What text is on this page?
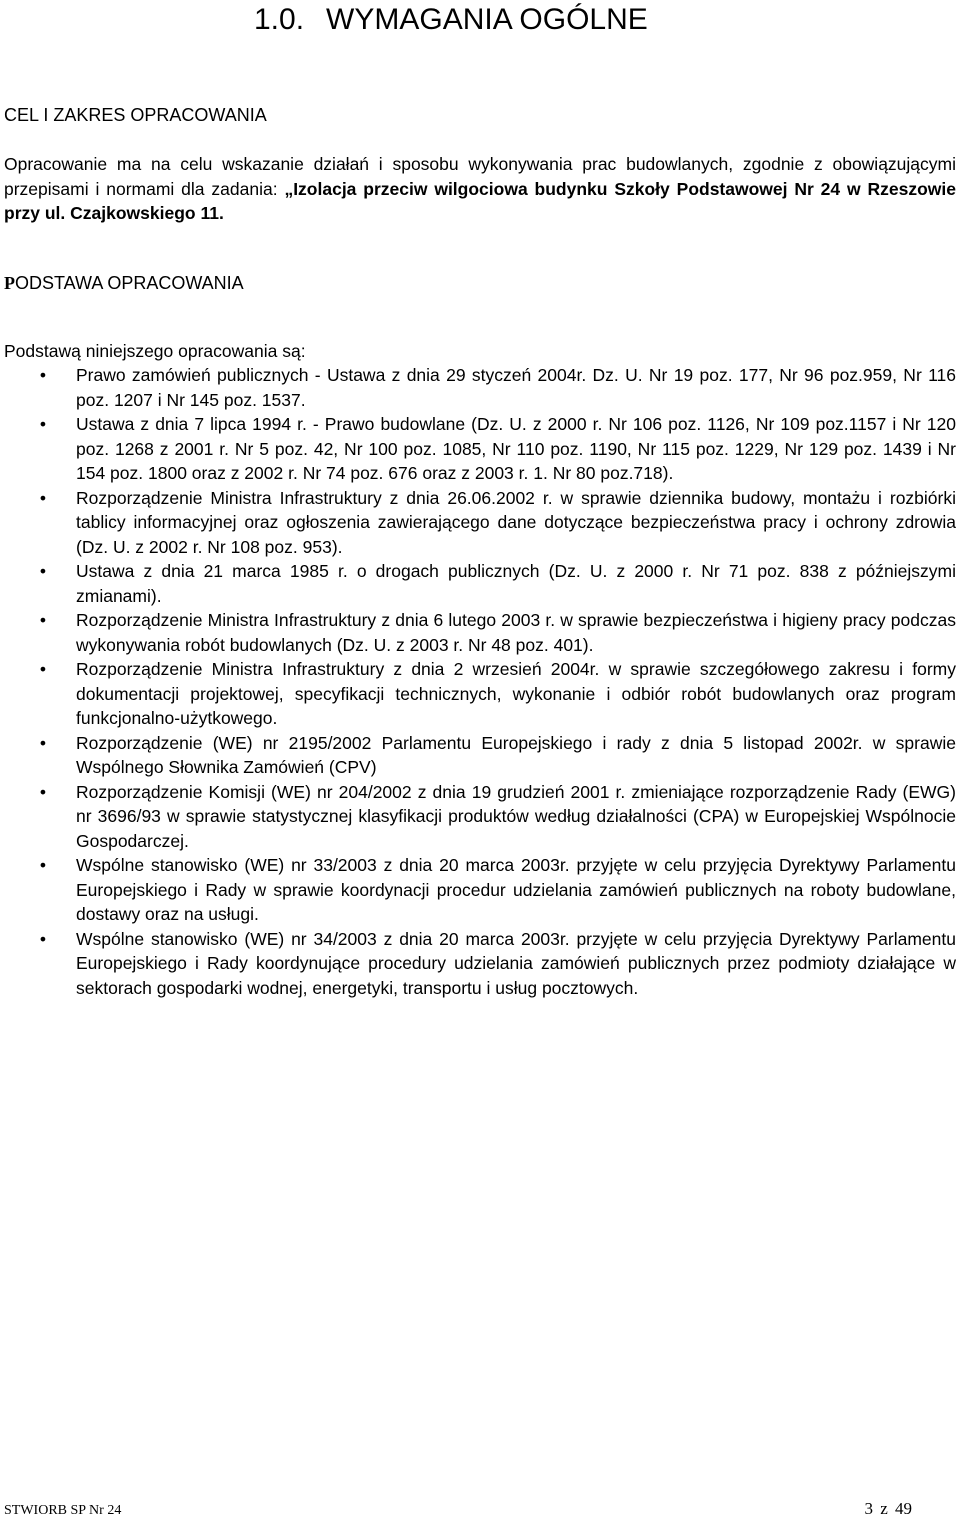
1.0. WYMAGANIA OGÓLNE
CEL I ZAKRES OPRACOWANIA

Opracowanie ma na celu wskazanie działań i sposobu wykonywania prac budowlanych, zgodnie z obowiązującymi przepisami i normami dla zadania: „Izolacja przeciw wilgociowa budynku Szkoły Podstawowej Nr 24 w Rzeszowie przy ul. Czajkowskiego 11.

PODSTAWA OPRACOWANIA

Podstawą niniejszego opracowania są:

• Prawo zamówień publicznych - Ustawa z dnia 29 styczeń 2004r. Dz. U. Nr 19 poz. 177, Nr 96 poz.959, Nr 116 poz. 1207 i Nr 145 poz. 1537.
• Ustawa z dnia 7 lipca 1994 r. - Prawo budowlane (Dz. U. z 2000 r. Nr 106 poz. 1126, Nr 109 poz.1157 i Nr 120 poz. 1268 z 2001 r. Nr 5 poz. 42, Nr 100 poz. 1085, Nr 110 poz. 1190, Nr 115 poz. 1229, Nr 129 poz. 1439 i Nr 154 poz. 1800 oraz z 2002 r. Nr 74 poz. 676 oraz z 2003 r. 1. Nr 80 poz.718).
• Rozporządzenie Ministra Infrastruktury z dnia 26.06.2002 r. w sprawie dziennika budowy, montażu i rozbiórki tablicy informacyjnej oraz ogłoszenia zawierającego dane dotyczące bezpieczeństwa pracy i ochrony zdrowia (Dz. U. z 2002 r. Nr 108 poz. 953).
• Ustawa z dnia 21 marca 1985 r. o drogach publicznych (Dz. U. z 2000 r. Nr 71 poz. 838 z późniejszymi zmianami).
• Rozporządzenie Ministra Infrastruktury z dnia 6 lutego 2003 r. w sprawie bezpieczeństwa i higieny pracy podczas wykonywania robót budowlanych (Dz. U. z 2003 r. Nr 48 poz. 401).
• Rozporządzenie Ministra Infrastruktury z dnia 2 wrzesień 2004r. w sprawie szczegółowego zakresu i formy dokumentacji projektowej, specyfikacji technicznych, wykonanie i odbiór robót budowlanych oraz program funkcjonalno-użytkowego.
• Rozporządzenie (WE) nr 2195/2002 Parlamentu Europejskiego i rady z dnia 5 listopad 2002r. w sprawie Wspólnego Słownika Zamówień (CPV)
• Rozporządzenie Komisji (WE) nr 204/2002 z dnia 19 grudzień 2001 r. zmieniające rozporządzenie Rady (EWG) nr 3696/93 w sprawie statystycznej klasyfikacji produktów według działalności (CPA) w Europejskiej Wspólnocie Gospodarczej.
• Wspólne stanowisko (WE) nr 33/2003 z dnia 20 marca 2003r. przyjęte w celu przyjęcia Dyrektywy Parlamentu Europejskiego i Rady w sprawie koordynacji procedur udzielania zamówień publicznych na roboty budowlane, dostawy oraz na usługi.
• Wspólne stanowisko (WE) nr 34/2003 z dnia 20 marca 2003r. przyjęte w celu przyjęcia Dyrektywy Parlamentu Europejskiego i Rady koordynujące procedury udzielania zamówień publicznych przez podmioty działające w sektorach gospodarki wodnej, energetyki, transportu i usług pocztowych.
STWIORB SP Nr 24	3 z 49
